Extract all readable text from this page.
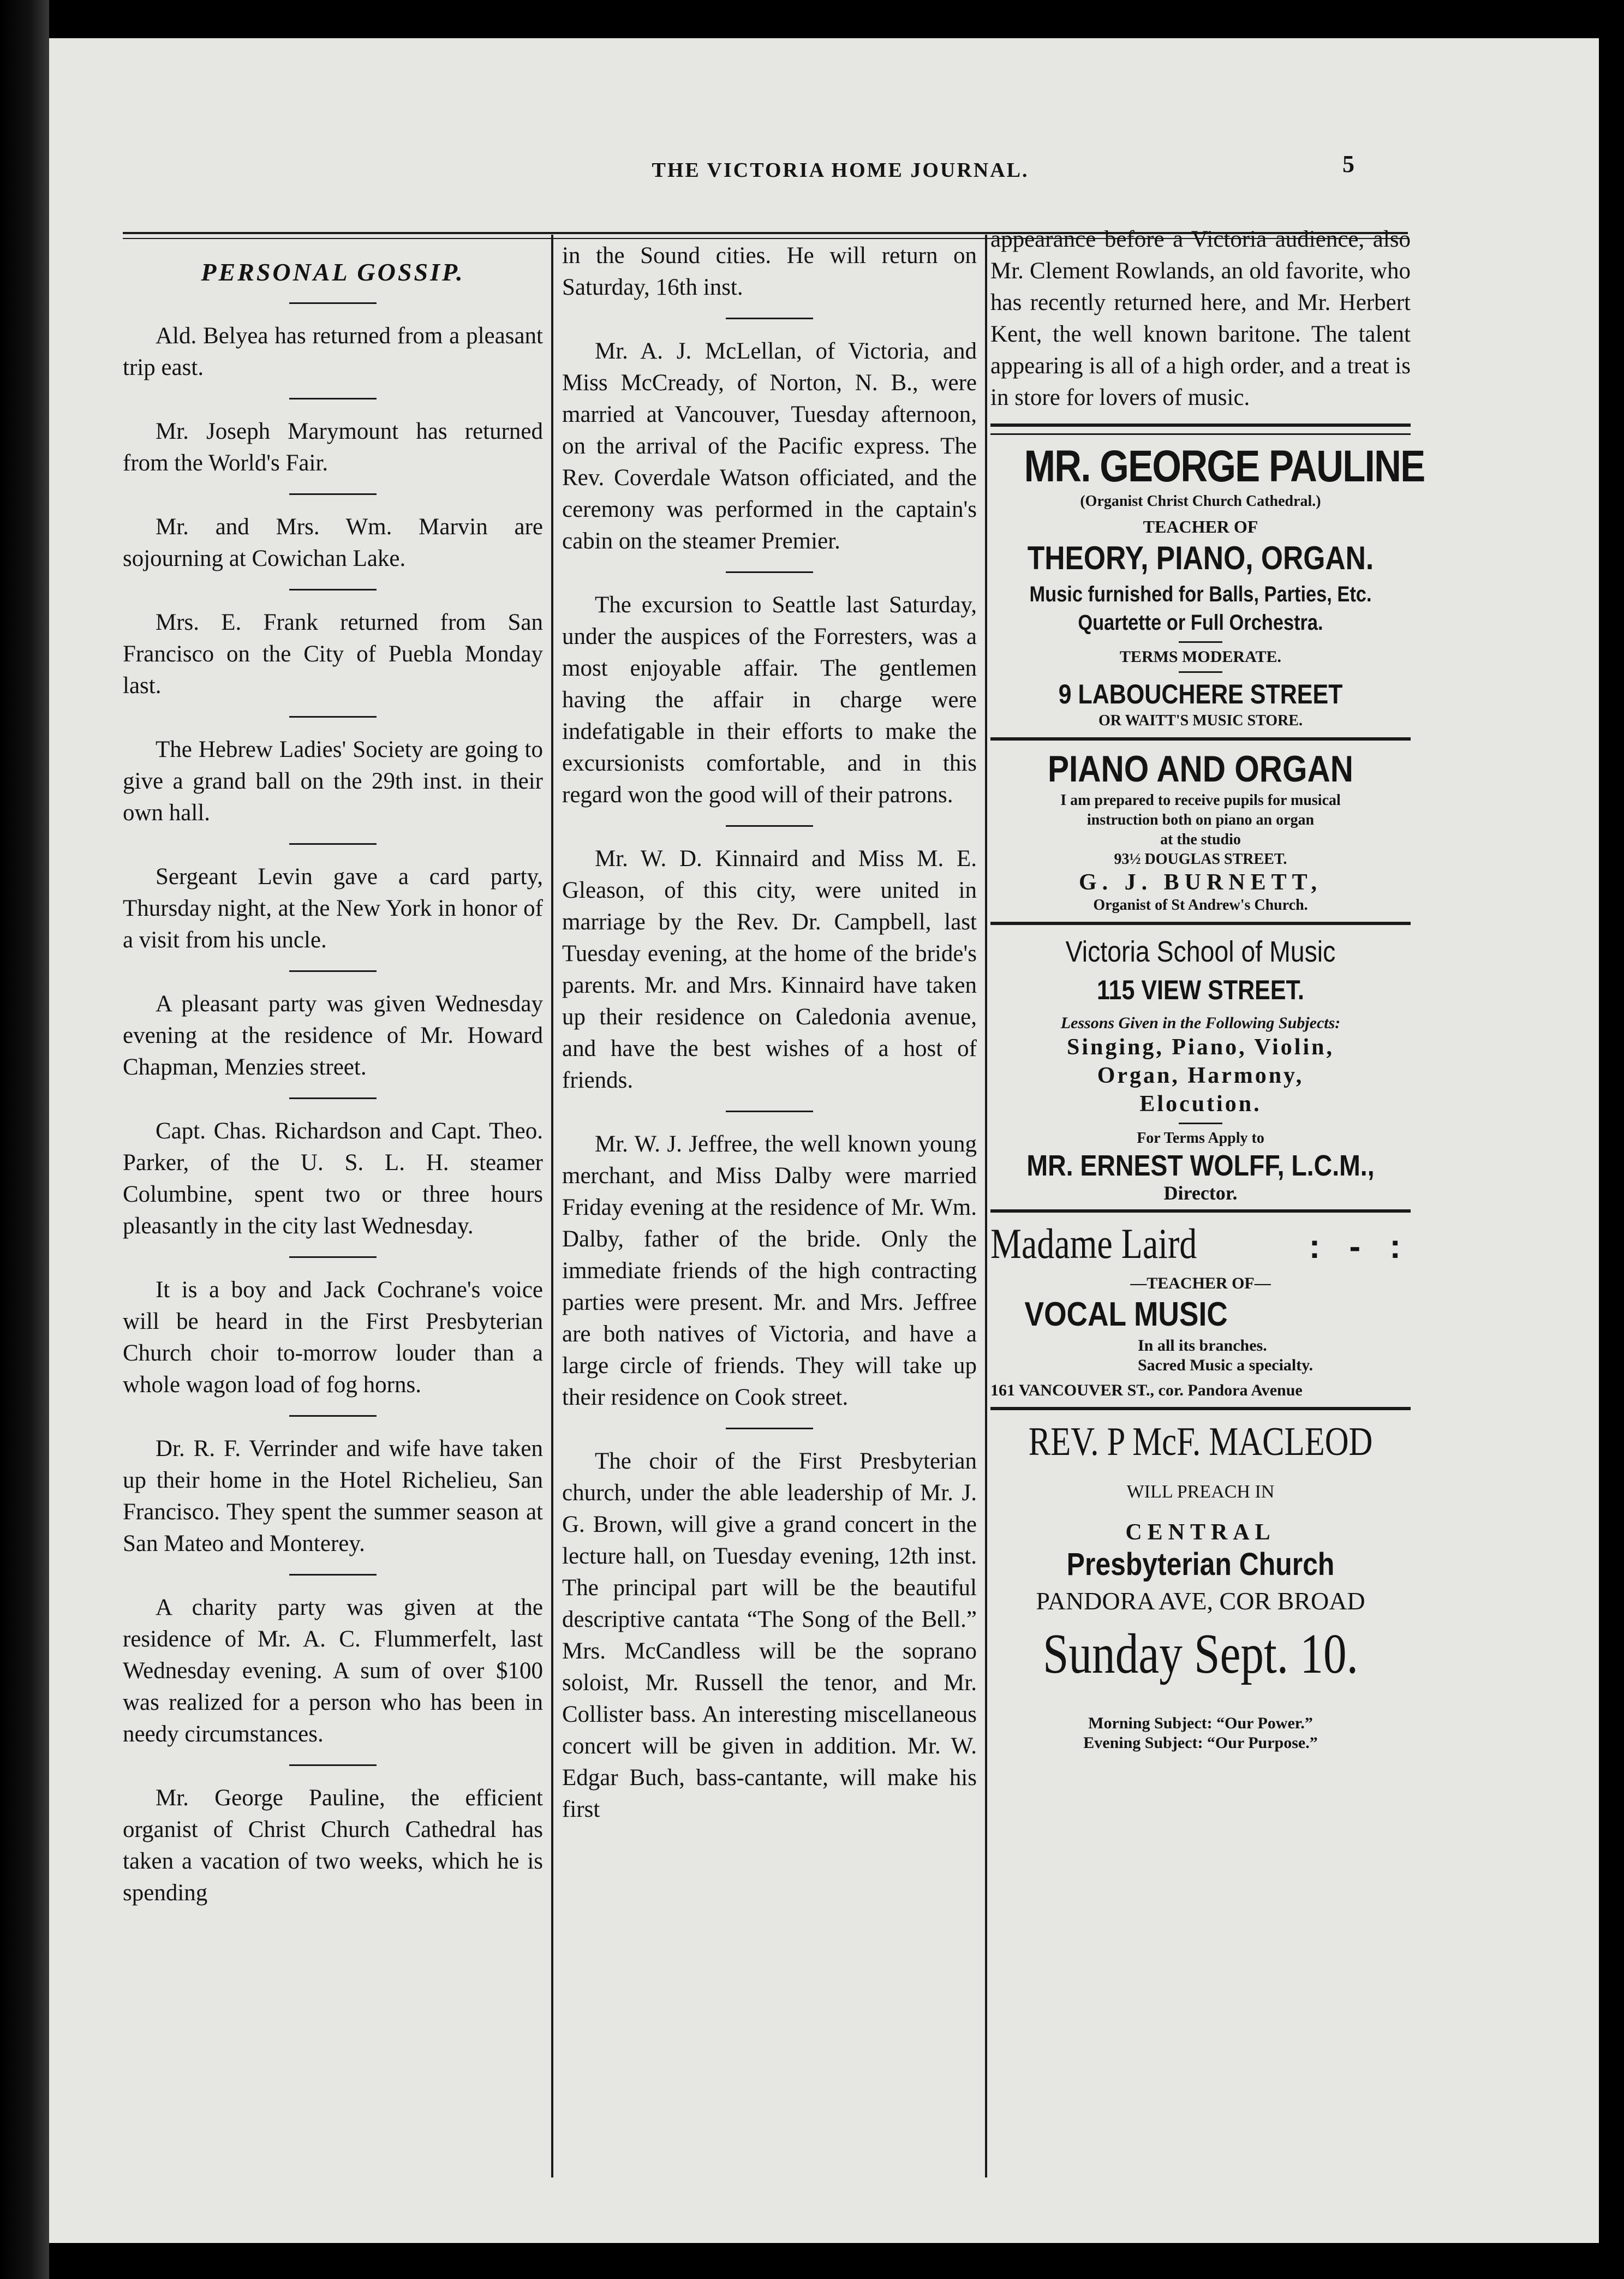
THE VICTORIA HOME JOURNAL.	5
PERSONAL GOSSIP.

Ald. Belyea has returned from a pleasant trip east.

Mr. Joseph Marymount has returned from the World's Fair.

Mr. and Mrs. Wm. Marvin are sojourning at Cowichan Lake.

Mrs. E. Frank returned from San Francisco on the City of Puebla Monday last.

The Hebrew Ladies' Society are going to give a grand ball on the 29th inst. in their own hall.

Sergeant Levin gave a card party, Thursday night, at the New York in honor of a visit from his uncle.

A pleasant party was given Wednesday evening at the residence of Mr. Howard Chapman, Menzies street.

Capt. Chas. Richardson and Capt. Theo. Parker, of the U. S. L. H. steamer Columbine, spent two or three hours pleasantly in the city last Wednesday.

It is a boy and Jack Cochrane's voice will be heard in the First Presbyterian Church choir to-morrow louder than a whole wagon load of fog horns.

Dr. R. F. Verrinder and wife have taken up their home in the Hotel Richelieu, San Francisco. They spent the summer season at San Mateo and Monterey.

A charity party was given at the residence of Mr. A. C. Flummerfelt, last Wednesday evening. A sum of over $100 was realized for a person who has been in needy circumstances.

Mr. George Pauline, the efficient organist of Christ Church Cathedral has taken a vacation of two weeks, which he is spending

in the Sound cities. He will return on Saturday, 16th inst.

Mr. A. J. McLellan, of Victoria, and Miss McCready, of Norton, N. B., were married at Vancouver, Tuesday afternoon, on the arrival of the Pacific express. The Rev. Coverdale Watson officiated, and the ceremony was performed in the captain's cabin on the steamer Premier.

The excursion to Seattle last Saturday, under the auspices of the Forresters, was a most enjoyable affair. The gentlemen having the affair in charge were indefatigable in their efforts to make the excursionists comfortable, and in this regard won the good will of their patrons.

Mr. W. D. Kinnaird and Miss M. E. Gleason, of this city, were united in marriage by the Rev. Dr. Campbell, last Tuesday evening, at the home of the bride's parents. Mr. and Mrs. Kinnaird have taken up their residence on Caledonia avenue, and have the best wishes of a host of friends.

Mr. W. J. Jeffree, the well known young merchant, and Miss Dalby were married Friday evening at the residence of Mr. Wm. Dalby, father of the bride. Only the immediate friends of the high contracting parties were present. Mr. and Mrs. Jeffree are both natives of Victoria, and have a large circle of friends. They will take up their residence on Cook street.

The choir of the First Presbyterian church, under the able leadership of Mr. J. G. Brown, will give a grand concert in the lecture hall, on Tuesday evening, 12th inst. The principal part will be the beautiful descriptive cantata “The Song of the Bell.” Mrs. McCandless will be the soprano soloist, Mr. Russell the tenor, and Mr. Collister bass. An interesting miscellaneous concert will be given in addition. Mr. W. Edgar Buch, bass-cantante, will make his first

appearance before a Victoria audience, also Mr. Clement Rowlands, an old favorite, who has recently returned here, and Mr. Herbert Kent, the well known baritone. The talent appearing is all of a high order, and a treat is in store for lovers of music.

MR. GEORGE PAULINE
(Organist Christ Church Cathedral.)
TEACHER OF
THEORY, PIANO, ORGAN.
Music furnished for Balls, Parties, Etc.
Quartette or Full Orchestra.
TERMS MODERATE.
9 LABOUCHERE STREET
OR WAITT'S MUSIC STORE.
PIANO AND ORGAN
I am prepared to receive pupils for musical
instruction both on piano an organ
at the studio
93½ DOUGLAS STREET.
G. J. BURNETT,
Organist of St Andrew's Church.
Victoria School of Music
115 VIEW STREET.
Lessons Given in the Following Subjects:
Singing, Piano, Violin,
Organ, Harmony,
Elocution.
For Terms Apply to
MR. ERNEST WOLFF, L.C.M.,
Director.
Madame Laird	: - :
—TEACHER OF—
VOCAL MUSIC
In all its branches.
Sacred Music a specialty.
161 VANCOUVER ST., cor. Pandora Avenue
REV. P McF. MACLEOD
WILL PREACH IN
CENTRAL
Presbyterian Church
PANDORA AVE, COR BROAD
Sunday Sept. 10.
Morning Subject: “Our Power.”
Evening Subject: “Our Purpose.”
